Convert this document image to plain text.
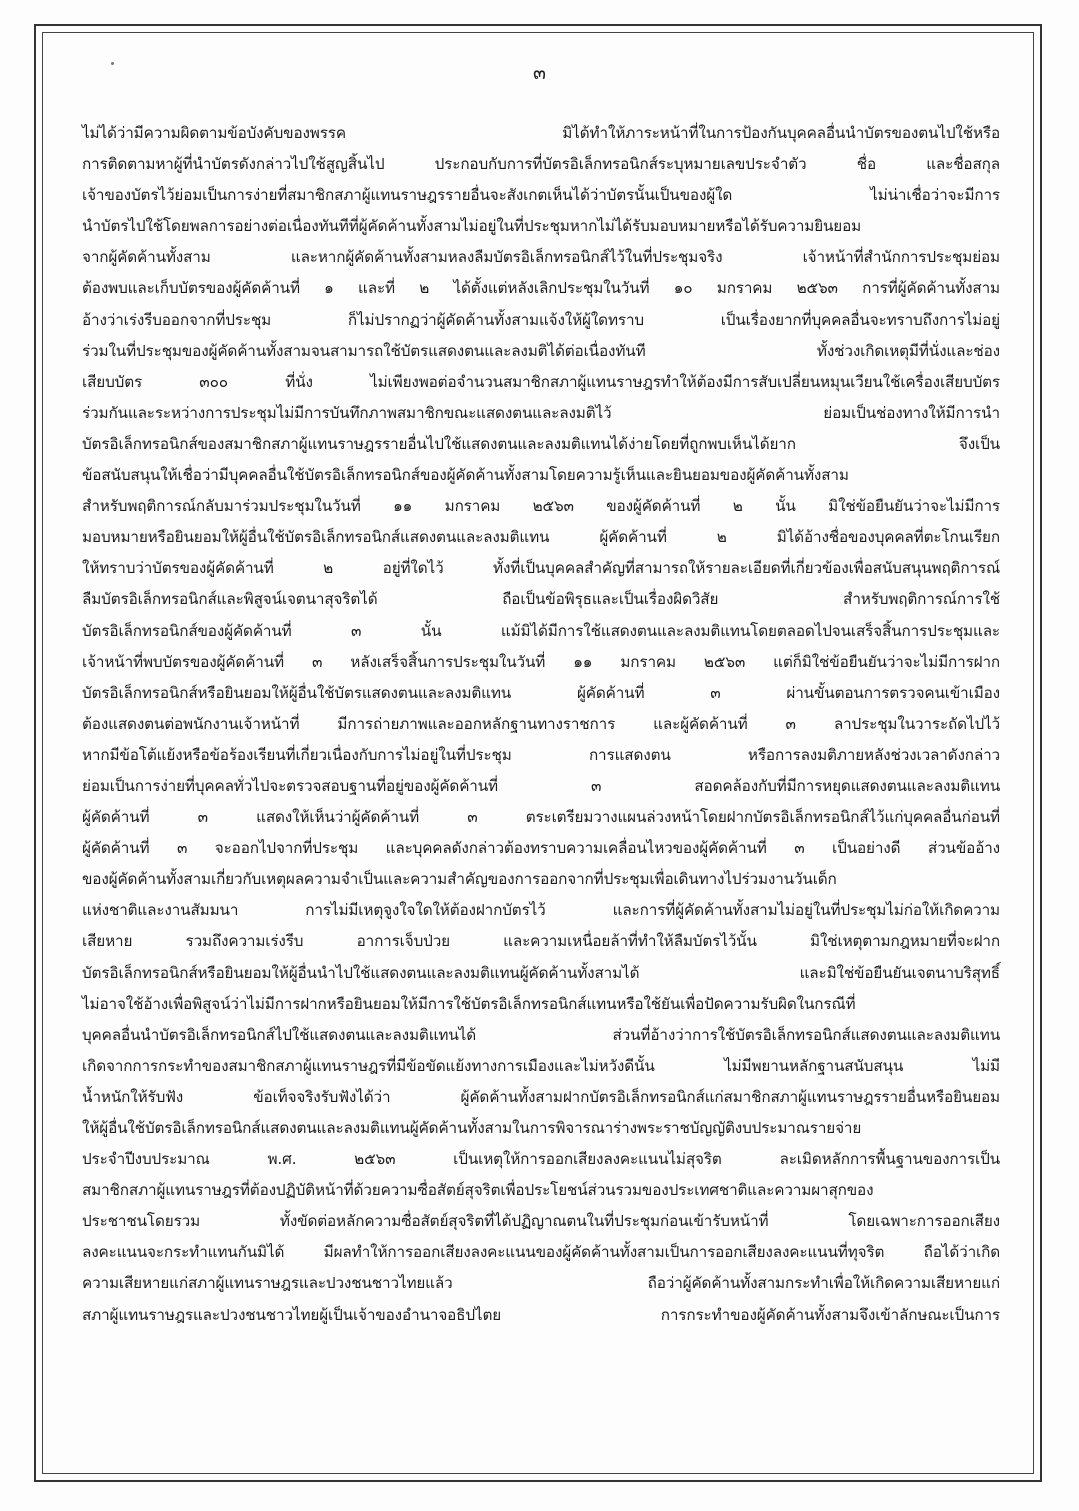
๓
ไม่ได้ว่ามีความผิดตามข้อบังคับของพรรค มิได้ทำให้ภาระหน้าที่ในการป้องกันบุคคลอื่นนำบัตรของตนไปใช้หรือ
การติดตามหาผู้ที่นำบัตรดังกล่าวไปใช้สูญสิ้นไป ประกอบกับการที่บัตรอิเล็กทรอนิกส์ระบุหมายเลขประจำตัว ชื่อ และชื่อสกุล
เจ้าของบัตรไว้ย่อมเป็นการง่ายที่สมาชิกสภาผู้แทนราษฎรรายอื่นจะสังเกตเห็นได้ว่าบัตรนั้นเป็นของผู้ใด ไม่น่าเชื่อว่าจะมีการ
นำบัตรไปใช้โดยพลการอย่างต่อเนื่องทันทีที่ผู้คัดค้านทั้งสามไม่อยู่ในที่ประชุมหากไม่ได้รับมอบหมายหรือได้รับความยินยอม
จากผู้คัดค้านทั้งสาม และหากผู้คัดค้านทั้งสามหลงลืมบัตรอิเล็กทรอนิกส์ไว้ในที่ประชุมจริง เจ้าหน้าที่สำนักการประชุมย่อม
ต้องพบและเก็บบัตรของผู้คัดค้านที่ ๑ และที่ ๒ ได้ตั้งแต่หลังเลิกประชุมในวันที่ ๑๐ มกราคม ๒๕๖๓ การที่ผู้คัดค้านทั้งสาม
อ้างว่าเร่งรีบออกจากที่ประชุม ก็ไม่ปรากฏว่าผู้คัดค้านทั้งสามแจ้งให้ผู้ใดทราบ เป็นเรื่องยากที่บุคคลอื่นจะทราบถึงการไม่อยู่
ร่วมในที่ประชุมของผู้คัดค้านทั้งสามจนสามารถใช้บัตรแสดงตนและลงมติได้ต่อเนื่องทันที ทั้งช่วงเกิดเหตุมีที่นั่งและช่อง
เสียบบัตร ๓๐๐ ที่นั่ง ไม่เพียงพอต่อจำนวนสมาชิกสภาผู้แทนราษฎรทำให้ต้องมีการสับเปลี่ยนหมุนเวียนใช้เครื่องเสียบบัตร
ร่วมกันและระหว่างการประชุมไม่มีการบันทึกภาพสมาชิกขณะแสดงตนและลงมติไว้ ย่อมเป็นช่องทางให้มีการนำ
บัตรอิเล็กทรอนิกส์ของสมาชิกสภาผู้แทนราษฎรรายอื่นไปใช้แสดงตนและลงมติแทนได้ง่ายโดยที่ถูกพบเห็นได้ยาก จึงเป็น
ข้อสนับสนุนให้เชื่อว่ามีบุคคลอื่นใช้บัตรอิเล็กทรอนิกส์ของผู้คัดค้านทั้งสามโดยความรู้เห็นและยินยอมของผู้คัดค้านทั้งสาม
สำหรับพฤติการณ์กลับมาร่วมประชุมในวันที่ ๑๑ มกราคม ๒๕๖๓ ของผู้คัดค้านที่ ๒ นั้น มิใช่ข้อยืนยันว่าจะไม่มีการ
มอบหมายหรือยินยอมให้ผู้อื่นใช้บัตรอิเล็กทรอนิกส์แสดงตนและลงมติแทน ผู้คัดค้านที่ ๒ มิได้อ้างชื่อของบุคคลที่ตะโกนเรียก
ให้ทราบว่าบัตรของผู้คัดค้านที่ ๒ อยู่ที่ใดไว้ ทั้งที่เป็นบุคคลสำคัญที่สามารถให้รายละเอียดที่เกี่ยวข้องเพื่อสนับสนุนพฤติการณ์
ลืมบัตรอิเล็กทรอนิกส์และพิสูจน์เจตนาสุจริตได้ ถือเป็นข้อพิรุธและเป็นเรื่องผิดวิสัย สำหรับพฤติการณ์การใช้
บัตรอิเล็กทรอนิกส์ของผู้คัดค้านที่ ๓ นั้น แม้มิได้มีการใช้แสดงตนและลงมติแทนโดยตลอดไปจนเสร็จสิ้นการประชุมและ
เจ้าหน้าที่พบบัตรของผู้คัดค้านที่ ๓ หลังเสร็จสิ้นการประชุมในวันที่ ๑๑ มกราคม ๒๕๖๓ แต่ก็มิใช่ข้อยืนยันว่าจะไม่มีการฝาก
บัตรอิเล็กทรอนิกส์หรือยินยอมให้ผู้อื่นใช้บัตรแสดงตนและลงมติแทน ผู้คัดค้านที่ ๓ ผ่านขั้นตอนการตรวจคนเข้าเมือง
ต้องแสดงตนต่อพนักงานเจ้าหน้าที่ มีการถ่ายภาพและออกหลักฐานทางราชการ และผู้คัดค้านที่ ๓ ลาประชุมในวาระถัดไปไว้
หากมีข้อโต้แย้งหรือข้อร้องเรียนที่เกี่ยวเนื่องกับการไม่อยู่ในที่ประชุม การแสดงตน หรือการลงมติภายหลังช่วงเวลาดังกล่าว
ย่อมเป็นการง่ายที่บุคคลทั่วไปจะตรวจสอบฐานที่อยู่ของผู้คัดค้านที่ ๓ สอดคล้องกับที่มีการหยุดแสดงตนและลงมติแทน
ผู้คัดค้านที่ ๓ แสดงให้เห็นว่าผู้คัดค้านที่ ๓ ตระเตรียมวางแผนล่วงหน้าโดยฝากบัตรอิเล็กทรอนิกส์ไว้แก่บุคคลอื่นก่อนที่
ผู้คัดค้านที่ ๓ จะออกไปจากที่ประชุม และบุคคลดังกล่าวต้องทราบความเคลื่อนไหวของผู้คัดค้านที่ ๓ เป็นอย่างดี ส่วนข้ออ้าง
ของผู้คัดค้านทั้งสามเกี่ยวกับเหตุผลความจำเป็นและความสำคัญของการออกจากที่ประชุมเพื่อเดินทางไปร่วมงานวันเด็ก
แห่งชาติและงานสัมมนา การไม่มีเหตุจูงใจใดให้ต้องฝากบัตรไว้ และการที่ผู้คัดค้านทั้งสามไม่อยู่ในที่ประชุมไม่ก่อให้เกิดความ
เสียหาย รวมถึงความเร่งรีบ อาการเจ็บป่วย และความเหนื่อยล้าที่ทำให้ลืมบัตรไว้นั้น มิใช่เหตุตามกฎหมายที่จะฝาก
บัตรอิเล็กทรอนิกส์หรือยินยอมให้ผู้อื่นนำไปใช้แสดงตนและลงมติแทนผู้คัดค้านทั้งสามได้ และมิใช่ข้อยืนยันเจตนาบริสุทธิ์
ไม่อาจใช้อ้างเพื่อพิสูจน์ว่าไม่มีการฝากหรือยินยอมให้มีการใช้บัตรอิเล็กทรอนิกส์แทนหรือใช้ยันเพื่อปัดความรับผิดในกรณีที่
บุคคลอื่นนำบัตรอิเล็กทรอนิกส์ไปใช้แสดงตนและลงมติแทนได้ ส่วนที่อ้างว่าการใช้บัตรอิเล็กทรอนิกส์แสดงตนและลงมติแทน
เกิดจากการกระทำของสมาชิกสภาผู้แทนราษฎรที่มีข้อขัดแย้งทางการเมืองและไม่หวังดีนั้น ไม่มีพยานหลักฐานสนับสนุน ไม่มี
น้ำหนักให้รับฟัง ข้อเท็จจริงรับฟังได้ว่า ผู้คัดค้านทั้งสามฝากบัตรอิเล็กทรอนิกส์แก่สมาชิกสภาผู้แทนราษฎรรายอื่นหรือยินยอม
ให้ผู้อื่นใช้บัตรอิเล็กทรอนิกส์แสดงตนและลงมติแทนผู้คัดค้านทั้งสามในการพิจารณาร่างพระราชบัญญัติงบประมาณรายจ่าย
ประจำปีงบประมาณ พ.ศ. ๒๕๖๓ เป็นเหตุให้การออกเสียงลงคะแนนไม่สุจริต ละเมิดหลักการพื้นฐานของการเป็น
สมาชิกสภาผู้แทนราษฎรที่ต้องปฏิบัติหน้าที่ด้วยความซื่อสัตย์สุจริตเพื่อประโยชน์ส่วนรวมของประเทศชาติและความผาสุกของ
ประชาชนโดยรวม ทั้งขัดต่อหลักความซื่อสัตย์สุจริตที่ได้ปฏิญาณตนในที่ประชุมก่อนเข้ารับหน้าที่ โดยเฉพาะการออกเสียง
ลงคะแนนจะกระทำแทนกันมิได้ มีผลทำให้การออกเสียงลงคะแนนของผู้คัดค้านทั้งสามเป็นการออกเสียงลงคะแนนที่ทุจริต ถือได้ว่าเกิด
ความเสียหายแก่สภาผู้แทนราษฎรและปวงชนชาวไทยแล้ว ถือว่าผู้คัดค้านทั้งสามกระทำเพื่อให้เกิดความเสียหายแก่
สภาผู้แทนราษฎรและปวงชนชาวไทยผู้เป็นเจ้าของอำนาจอธิปไตย การกระทำของผู้คัดค้านทั้งสามจึงเข้าลักษณะเป็นการ
